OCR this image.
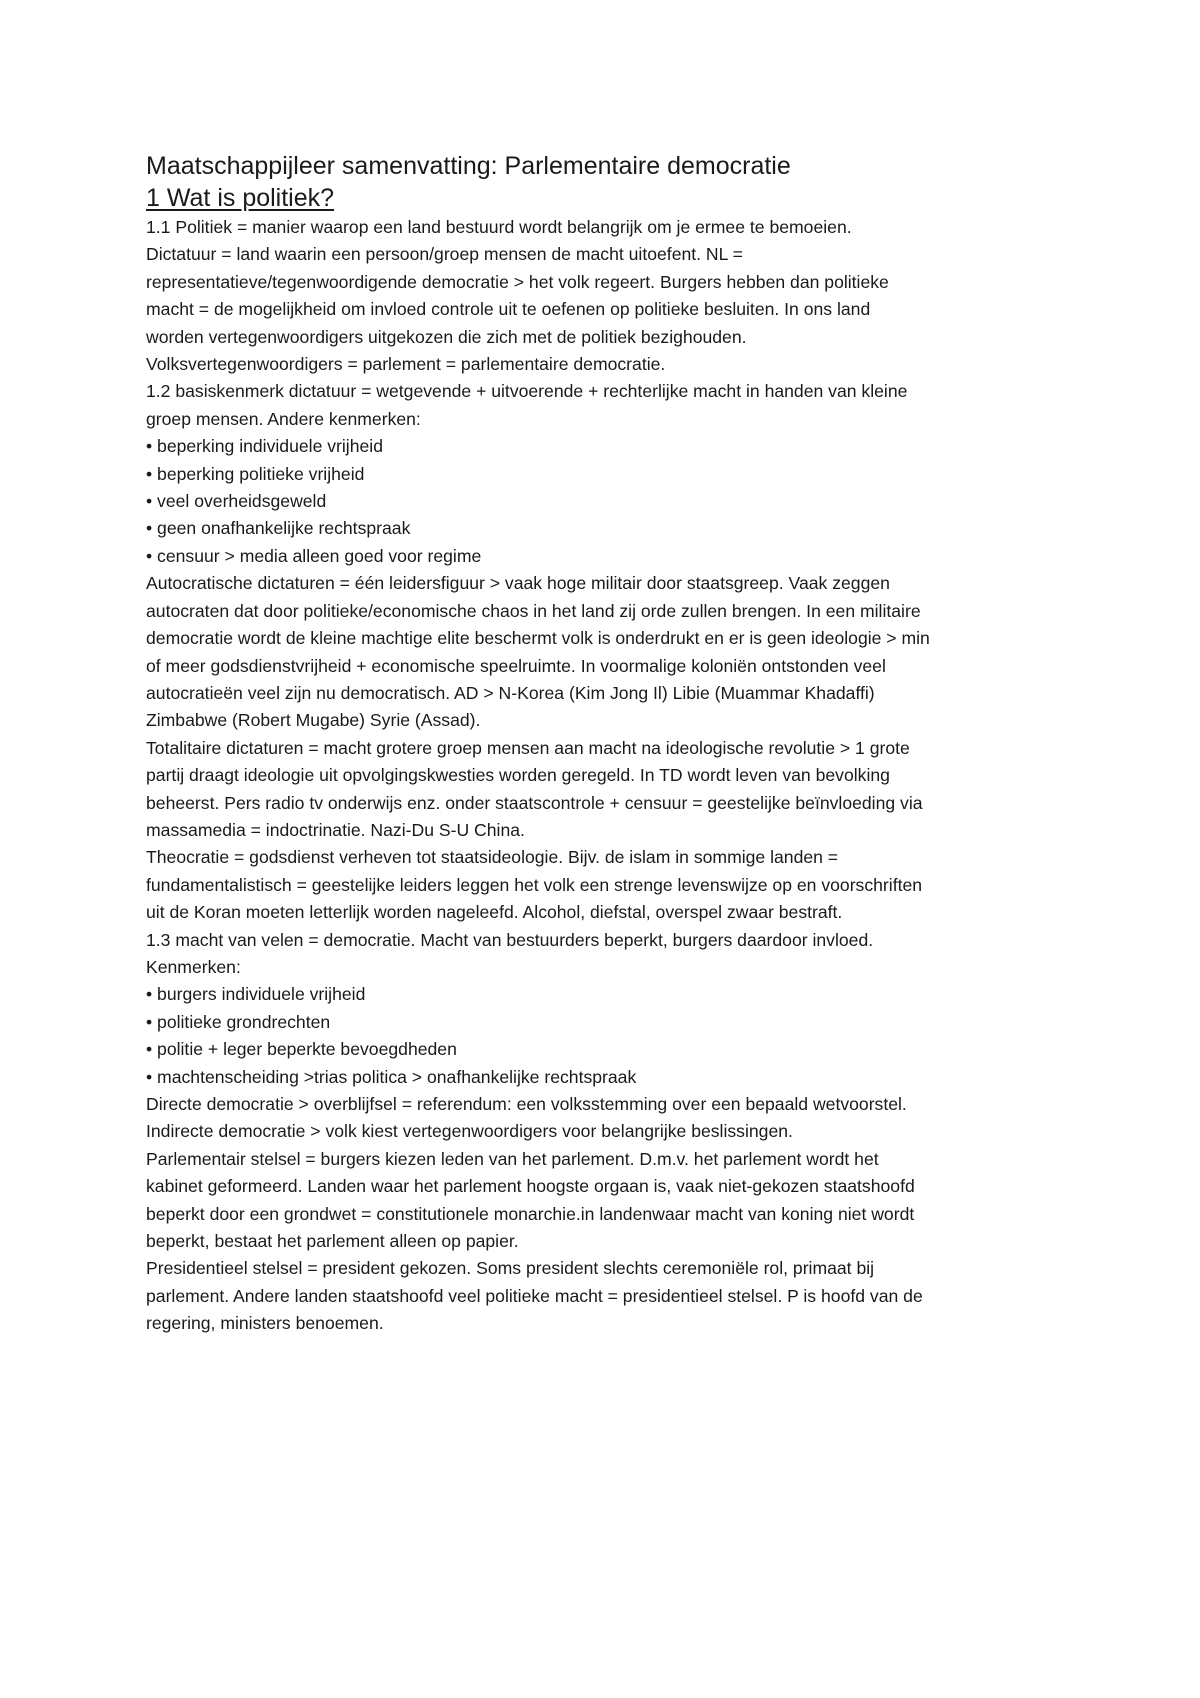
Maatschappijleer samenvatting: Parlementaire democratie
1 Wat is politiek?

1.1 Politiek = manier waarop een land bestuurd wordt belangrijk om je ermee te bemoeien.

Dictatuur = land waarin een persoon/groep mensen de macht uitoefent. NL =

representatieve/tegenwoordigende democratie > het volk regeert. Burgers hebben dan politieke

macht = de mogelijkheid om invloed controle uit te oefenen op politieke besluiten. In ons land

worden vertegenwoordigers uitgekozen die zich met de politiek bezighouden.

Volksvertegenwoordigers = parlement = parlementaire democratie.

1.2 basiskenmerk dictatuur = wetgevende + uitvoerende + rechterlijke macht in handen van kleine

groep mensen. Andere kenmerken:

• beperking individuele vrijheid

• beperking politieke vrijheid

• veel overheidsgeweld

• geen onafhankelijke rechtspraak

• censuur > media alleen goed voor regime

Autocratische dictaturen = één leidersfiguur > vaak hoge militair door staatsgreep. Vaak zeggen

autocraten dat door politieke/economische chaos in het land zij orde zullen brengen. In een militaire

democratie wordt de kleine machtige elite beschermt volk is onderdrukt en er is geen ideologie > min

of meer godsdienstvrijheid + economische speelruimte. In voormalige koloniën ontstonden veel

autocratieën veel zijn nu democratisch. AD > N-Korea (Kim Jong Il) Libie (Muammar Khadaffi)

Zimbabwe (Robert Mugabe) Syrie (Assad).

Totalitaire dictaturen = macht grotere groep mensen aan macht na ideologische revolutie > 1 grote

partij draagt ideologie uit opvolgingskwesties worden geregeld. In TD wordt leven van bevolking

beheerst. Pers radio tv onderwijs enz. onder staatscontrole + censuur = geestelijke beïnvloeding via

massamedia = indoctrinatie. Nazi-Du S-U China.

Theocratie = godsdienst verheven tot staatsideologie. Bijv. de islam in sommige landen =

fundamentalistisch = geestelijke leiders leggen het volk een strenge levenswijze op en voorschriften

uit de Koran moeten letterlijk worden nageleefd. Alcohol, diefstal, overspel zwaar bestraft.

1.3 macht van velen = democratie. Macht van bestuurders beperkt, burgers daardoor invloed.

Kenmerken:

• burgers individuele vrijheid

• politieke grondrechten

• politie + leger beperkte bevoegdheden

• machtenscheiding >trias politica > onafhankelijke rechtspraak

Directe democratie > overblijfsel = referendum: een volksstemming over een bepaald wetvoorstel.

Indirecte democratie > volk kiest vertegenwoordigers voor belangrijke beslissingen.

Parlementair stelsel = burgers kiezen leden van het parlement. D.m.v. het parlement wordt het

kabinet geformeerd. Landen waar het parlement hoogste orgaan is, vaak niet-gekozen staatshoofd

beperkt door een grondwet = constitutionele monarchie.in landenwaar macht van koning niet wordt

beperkt, bestaat het parlement alleen op papier.

Presidentieel stelsel = president gekozen. Soms president slechts ceremoniële rol, primaat bij

parlement. Andere landen staatshoofd veel politieke macht = presidentieel stelsel. P is hoofd van de

regering, ministers benoemen.
